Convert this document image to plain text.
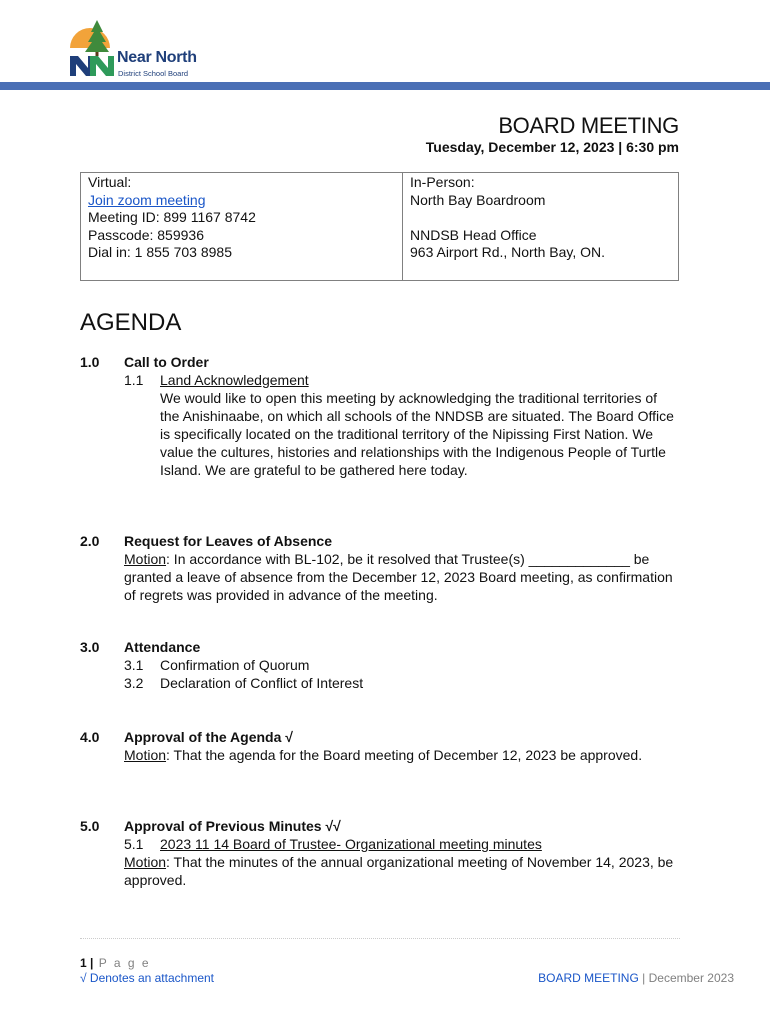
Near North
District School Board
BOARD MEETING
Tuesday, December 12, 2023 | 6:30 pm
Virtual:
Join zoom meeting
Meeting ID: 899 1167 8742
Passcode: 859936
Dial in: 1 855 703 8985
In-Person:
North Bay Boardroom
NNDSB Head Office
963 Airport Rd., North Bay, ON.
AGENDA
1.0 Call to Order
1.1	Land Acknowledgement
We would like to open this meeting by acknowledging the traditional territories of the Anishinaabe, on which all schools of the NNDSB are situated. The Board Office is specifically located on the traditional territory of the Nipissing First Nation. We value the cultures, histories and relationships with the Indigenous People of Turtle Island. We are grateful to be gathered here today.
2.0 Request for Leaves of Absence
Motion: In accordance with BL-102, be it resolved that Trustee(s) _____________ be granted a leave of absence from the December 12, 2023 Board meeting, as confirmation of regrets was provided in advance of the meeting.
3.0 Attendance
3.1	Confirmation of Quorum
3.2	Declaration of Conflict of Interest
4.0 Approval of the Agenda √
Motion: That the agenda for the Board meeting of December 12, 2023 be approved.
5.0 Approval of Previous Minutes √√
5.1	2023 11 14 Board of Trustee- Organizational meeting minutes
Motion: That the minutes of the annual organizational meeting of November 14, 2023, be approved.
1 | P a g e
√ Denotes an attachment	BOARD MEETING | December 2023
